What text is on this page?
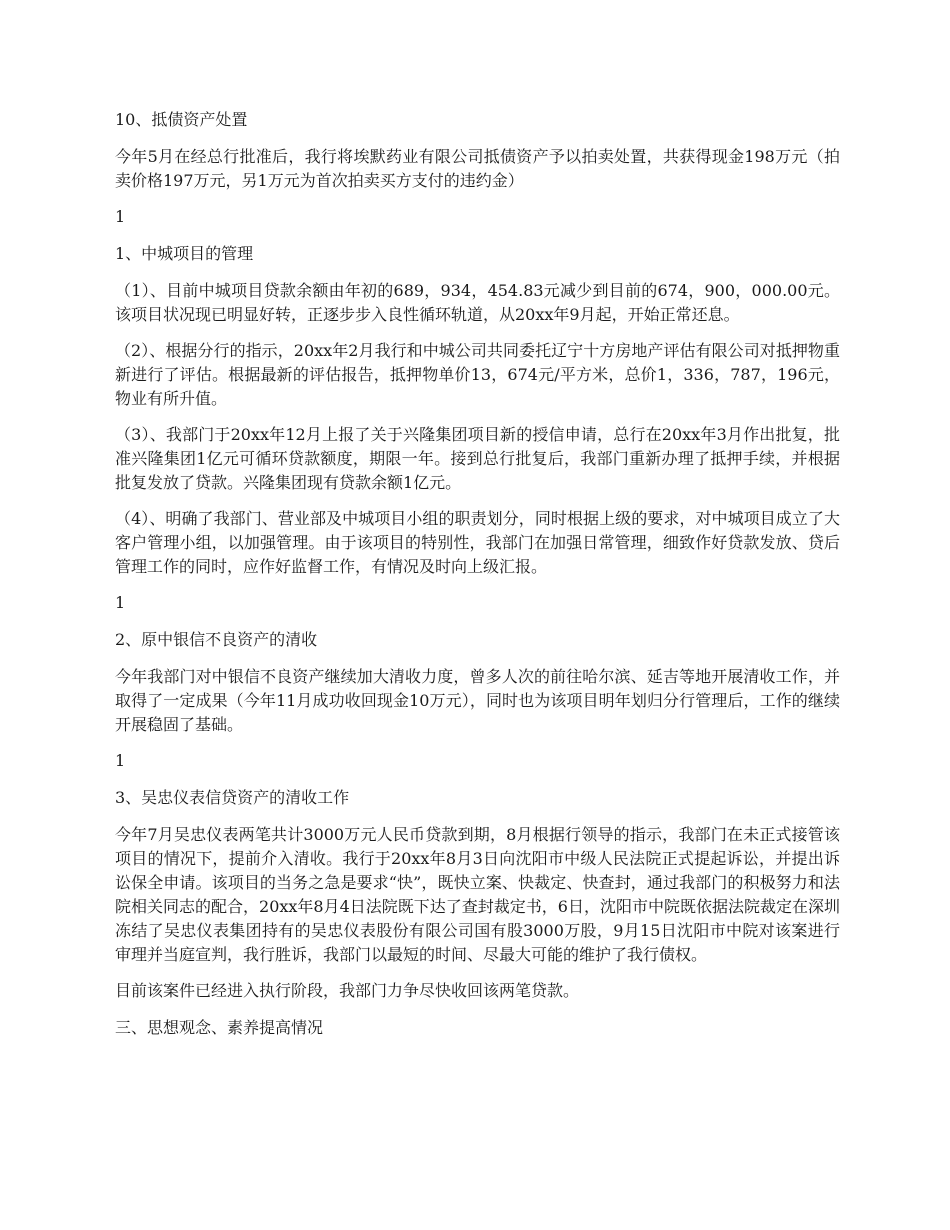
10、抵债资产处置

今年5月在经总行批准后，我行将埃默药业有限公司抵债资产予以拍卖处置，共获得现金198万元（拍卖价格197万元，另1万元为首次拍卖买方支付的违约金）

1

1、中城项目的管理

（1）、目前中城项目贷款余额由年初的689，934，454.83元减少到目前的674，900，000.00元。该项目状况现已明显好转，正逐步步入良性循环轨道，从20xx年9月起，开始正常还息。

（2）、根据分行的指示，20xx年2月我行和中城公司共同委托辽宁十方房地产评估有限公司对抵押物重新进行了评估。根据最新的评估报告，抵押物单价13，674元/平方米，总价1，336，787，196元，物业有所升值。

（3）、我部门于20xx年12月上报了关于兴隆集团项目新的授信申请，总行在20xx年3月作出批复，批准兴隆集团1亿元可循环贷款额度，期限一年。接到总行批复后，我部门重新办理了抵押手续，并根据批复发放了贷款。兴隆集团现有贷款余额1亿元。

（4）、明确了我部门、营业部及中城项目小组的职责划分，同时根据上级的要求，对中城项目成立了大客户管理小组，以加强管理。由于该项目的特别性，我部门在加强日常管理，细致作好贷款发放、贷后管理工作的同时，应作好监督工作，有情况及时向上级汇报。

1

2、原中银信不良资产的清收

今年我部门对中银信不良资产继续加大清收力度，曾多人次的前往哈尔滨、延吉等地开展清收工作，并取得了一定成果（今年11月成功收回现金10万元），同时也为该项目明年划归分行管理后，工作的继续开展稳固了基础。

1

3、吴忠仪表信贷资产的清收工作

今年7月吴忠仪表两笔共计3000万元人民币贷款到期，8月根据行领导的指示，我部门在未正式接管该项目的情况下，提前介入清收。我行于20xx年8月3日向沈阳市中级人民法院正式提起诉讼，并提出诉讼保全申请。该项目的当务之急是要求“快”，既快立案、快裁定、快查封，通过我部门的积极努力和法院相关同志的配合，20xx年8月4日法院既下达了查封裁定书，6日，沈阳市中院既依据法院裁定在深圳冻结了吴忠仪表集团持有的吴忠仪表股份有限公司国有股3000万股，9月15日沈阳市中院对该案进行审理并当庭宣判，我行胜诉，我部门以最短的时间、尽最大可能的维护了我行债权。

目前该案件已经进入执行阶段，我部门力争尽快收回该两笔贷款。

三、思想观念、素养提高情况
